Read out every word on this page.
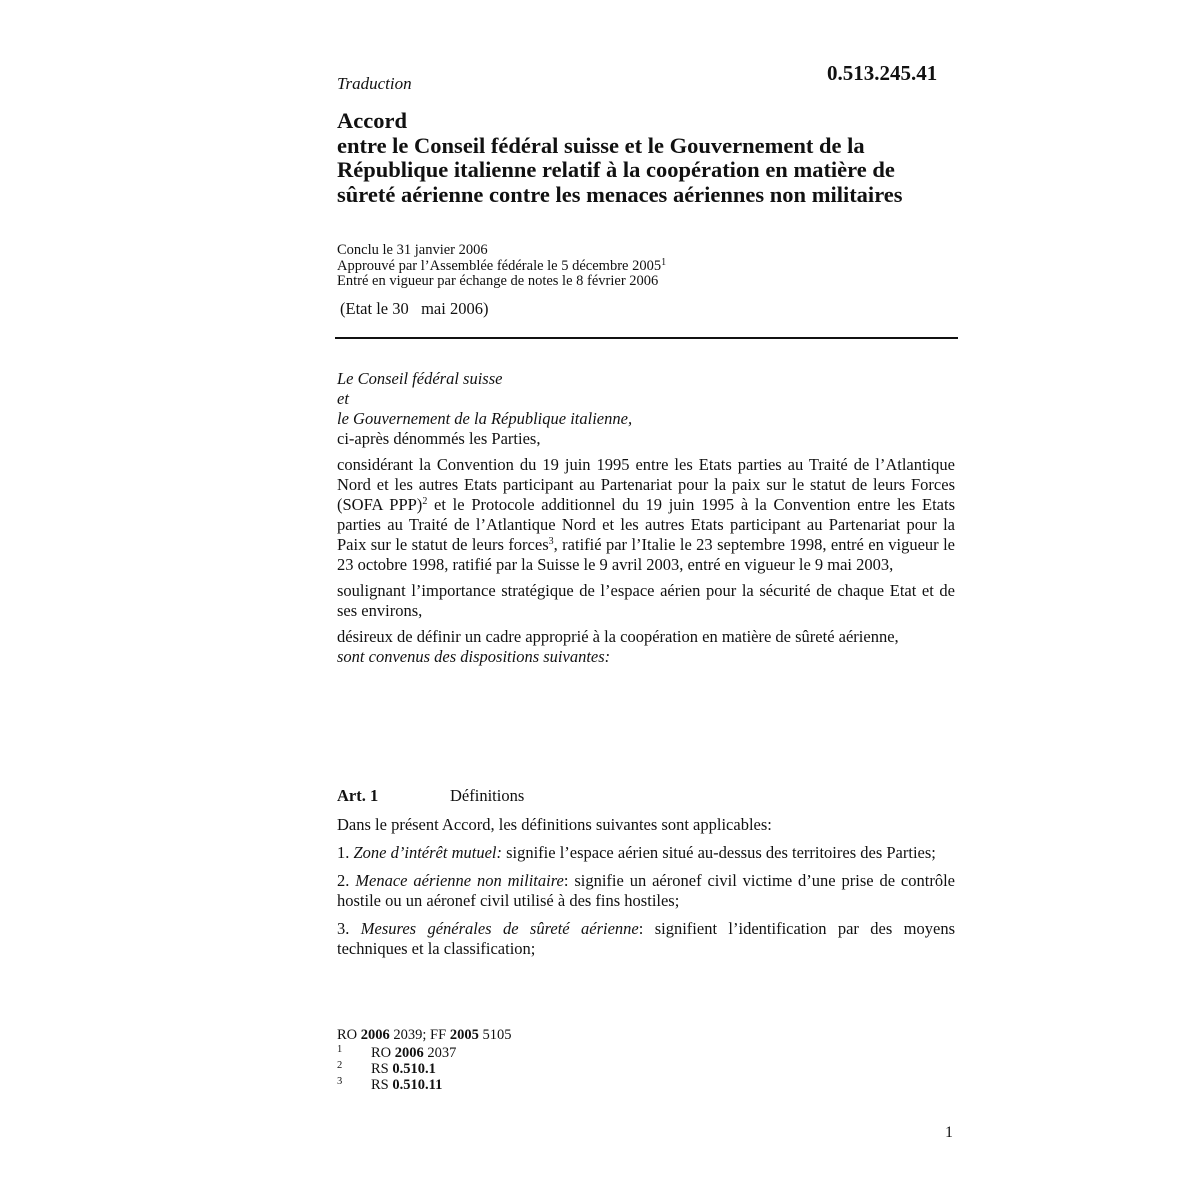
Traduction	0.513.245.41
Accord
entre le Conseil fédéral suisse et le Gouvernement de la
République italienne relatif à la coopération en matière de
sûreté aérienne contre les menaces aériennes non militaires
Conclu le 31 janvier 2006
Approuvé par l’Assemblée fédérale le 5 décembre 2005$^1$
Entré en vigueur par échange de notes le 8 février 2006
(Etat le 30   mai 2006)

Le Conseil fédéral suisse

et

le Gouvernement de la République italienne,

ci-après dénommés les Parties,

considérant la Convention du 19 juin 1995 entre les Etats parties au Traité de l’Atlantique Nord et les autres Etats participant au Partenariat pour la paix sur le statut de leurs Forces (SOFA PPP)$^2$ et le Protocole additionnel du 19 juin 1995 à la Convention entre les Etats parties au Traité de l’Atlantique Nord et les autres Etats participant au Partenariat pour la Paix sur le statut de leurs forces$^3$, ratifié par l’Italie le 23 septembre 1998, entré en vigueur le 23 octobre 1998, ratifié par la Suisse le 9 avril 2003, entré en vigueur le 9 mai 2003,

soulignant l’importance stratégique de l’espace aérien pour la sécurité de chaque Etat et de ses environs,

désireux de définir un cadre approprié à la coopération en matière de sûreté aérienne,

sont convenus des dispositions suivantes:

Art. 1	Définitions

Dans le présent Accord, les définitions suivantes sont applicables:

1. Zone d’intérêt mutuel: signifie l’espace aérien situé au-dessus des territoires des Parties;

2. Menace aérienne non militaire: signifie un aéronef civil victime d’une prise de contrôle hostile ou un aéronef civil utilisé à des fins hostiles;

3. Mesures générales de sûreté aérienne: signifient l’identification par des moyens techniques et la classification;

RO 2006 2039; FF 2005 5105
1 RO 2006 2037
2 RS 0.510.1
3 RS 0.510.11
1
